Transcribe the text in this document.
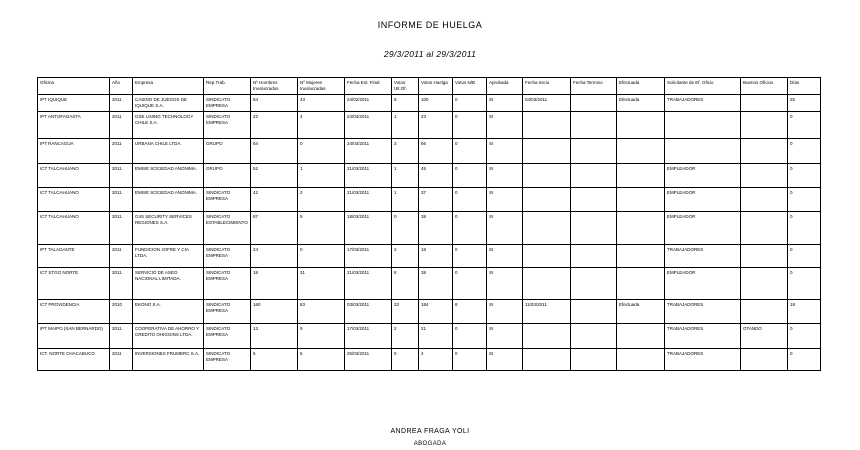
INFORME DE HUELGA
29/3/2011 al 29/3/2011
Oficina	Año	Empresa	Rep.Trab.	Nº Hombres Involucrados	Nº Mujeres Involucradas	Fecha Est. Final	Votos Ult.Of.	Votos Huelga	Votos N/B	Aprobada	Fecha Inicio	Fecha Termino	Efectuada	Solicitante de Ef. Oficio	Buenos Oficios	Días
IPT IQUIQUE	2011	CASINO DE JUEGOS DE IQUIQUE S.A.	SINDICATO EMPRESA	84	43	24/02/2011	8	100	0	SI	04/03/2011		Efectuada	TRABAJADORES		25
IPT ANTOFAGASTA	2011	GSE LINING TECHNOLOGY CHILE S.A.	SINDICATO EMPRESA	22	4	24/03/2011	1	23	0	SI						0
IPT RANCAGUA	2011	URBANA CHILE LTDA.	GRUPO	64	0	24/03/2011	3	66	0	SI						0
ICT TALCAHUANO	2011	EMISE SOCIEDAD ANONIMA.	GRUPO	52	1	21/03/2011	1	45	0	SI				EMPLEADOR		0
ICT TALCAHUANO	2011	EMISE SOCIEDAD ANONIMA.	SINDICATO EMPRESA	42	2	21/03/2011	1	37	0	SI				EMPLEADOR		0
ICT TALCAHUANO	2011	G4S SECURITY SERVICES REGIONES S.A.	SINDICATO ESTABLECIMIENTO	87	5	18/03/2011	0	38	0	SI				EMPLEADOR		0
IPT TALAGANTE	2011	FUNDICION JOFRE Y CIA LTDA.	SINDICATO EMPRESA	24	0	17/03/2011	2	18	0	SI				TRABAJADORES		0
ICT STGO NORTE	2011	SERVICIO DE ASEO NACIONAL LIMITADA.	SINDICATO EMPRESA	18	31	21/03/2011	8	38	0	SI				EMPLEADOR		0
ICT PROVIDENCIA	2010	EKONO S.A.	SINDICATO EMPRESA	160	83	03/03/2011	33	184	8	SI	11/03/2011		Efectuada	TRABAJADORES		18
IPT MAIPO (SAN BERNARDO)	2011	COOPERATIVA DE AHORRO Y CREDITO OHIGGINS LTDA.	SINDICATO EMPRESA	13	9	17/03/2011	2	21	0	SI				TRABAJADORES	OTANDO	0
ICT. NORTE CHACABUCO	2011	INVERSIONES FRUMERC S.A.	SINDICATO EMPRESA	5	5	25/03/2011	0	4	0	SI				TRABAJADORES		0
ANDREA FRAGA YOLI
ABOGADA
